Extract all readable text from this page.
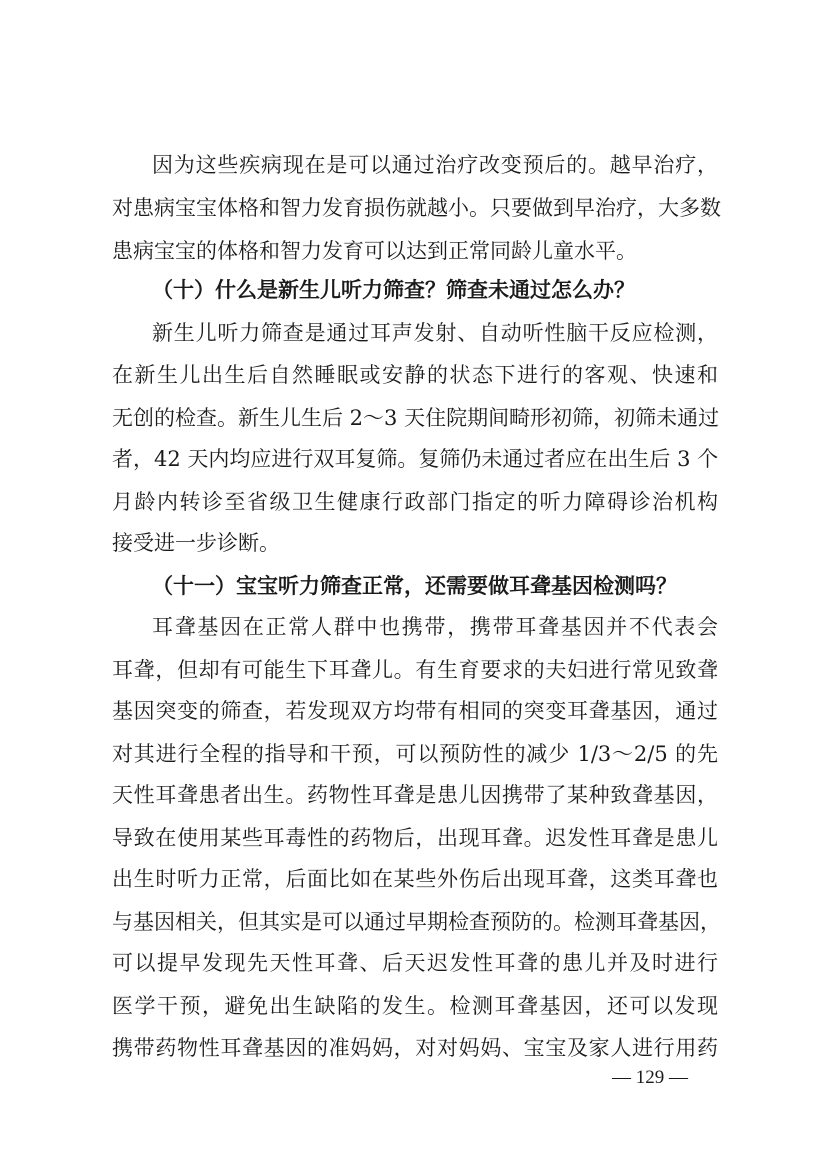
因为这些疾病现在是可以通过治疗改变预后的。越早治疗，
对患病宝宝体格和智力发育损伤就越小。只要做到早治疗，大多数
患病宝宝的体格和智力发育可以达到正常同龄儿童水平。
（十）什么是新生儿听力筛查？筛查未通过怎么办？
新生儿听力筛查是通过耳声发射、自动听性脑干反应检测，
在新生儿出生后自然睡眠或安静的状态下进行的客观、快速和
无创的检查。新生儿生后 2～3 天住院期间畸形初筛，初筛未通过
者，42 天内均应进行双耳复筛。复筛仍未通过者应在出生后 3 个
月龄内转诊至省级卫生健康行政部门指定的听力障碍诊治机构
接受进一步诊断。
（十一）宝宝听力筛查正常，还需要做耳聋基因检测吗？
耳聋基因在正常人群中也携带，携带耳聋基因并不代表会
耳聋，但却有可能生下耳聋儿。有生育要求的夫妇进行常见致聋
基因突变的筛查，若发现双方均带有相同的突变耳聋基因，通过
对其进行全程的指导和干预，可以预防性的减少 1/3～2/5 的先
天性耳聋患者出生。药物性耳聋是患儿因携带了某种致聋基因，
导致在使用某些耳毒性的药物后，出现耳聋。迟发性耳聋是患儿
出生时听力正常，后面比如在某些外伤后出现耳聋，这类耳聋也
与基因相关，但其实是可以通过早期检查预防的。检测耳聋基因，
可以提早发现先天性耳聋、后天迟发性耳聋的患儿并及时进行
医学干预，避免出生缺陷的发生。检测耳聋基因，还可以发现
携带药物性耳聋基因的准妈妈，对对妈妈、宝宝及家人进行用药
— 129 —
